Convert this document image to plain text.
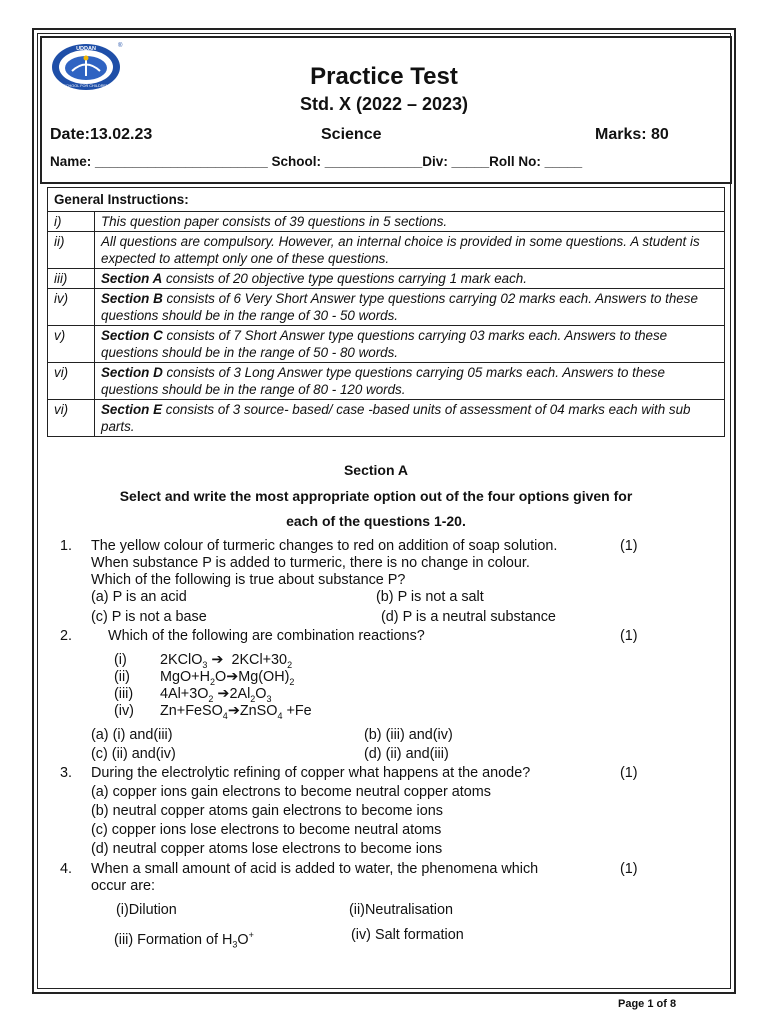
UDDAN
SCHOOL FOR CHILDREN
®
Practice Test
Std. X (2022 – 2023)
Date:13.02.23	Science	Marks: 80
Name: _______________________ School: _____________Div: _____Roll No: _____
General Instructions:	
i)	This question paper consists of 39 questions in 5 sections.
ii)	All questions are compulsory. However, an internal choice is provided in some questions. A student is expected to attempt only one of these questions.
iii)	Section A consists of 20 objective type questions carrying 1 mark each.
iv)	Section B consists of 6 Very Short Answer type questions carrying 02 marks each. Answers to these questions should be in the range of 30 - 50 words.
v)	Section C consists of 7 Short Answer type questions carrying 03 marks each. Answers to these questions should be in the range of 50 - 80 words.
vi)	Section D consists of 3 Long Answer type questions carrying 05 marks each. Answers to these questions should be in the range of 80 - 120 words.
vi)	Section E consists of 3 source- based/ case -based units of assessment of 04 marks each with sub parts.
Section A
Select and write the most appropriate option out of the four options given for
each of the questions 1-20.
1. The yellow colour of turmeric changes to red on addition of soap solution.
When substance P is added to turmeric, there is no change in colour.
Which of the following is true about substance P?
(1)
(a) P is an acid	(b) P is not a salt
(c) P is not a base	(d) P is a neutral substance
2. Which of the following are combination reactions?	(1)
(i) 2KClO$_3$ ➔  $2KCl+30_2$
(ii) $MgO+H_2O➔Mg(OH)_2$
(iii) $4Al+3O_2$ $➔2Al_2O_3$
(iv) Zn+FeSO$_4$➔ZnSO$_4$ +Fe
(a) (i) and(iii)	(b) (iii) and(iv)
(c) (ii) and(iv)	(d) (ii) and(iii)
3. During the electrolytic refining of copper what happens at the anode?	(1)
(a) copper ions gain electrons to become neutral copper atoms
(b) neutral copper atoms gain electrons to become ions
(c) copper ions lose electrons to become neutral atoms
(d) neutral copper atoms lose electrons to become ions
4. When a small amount of acid is added to water, the phenomena which
occur are:
(1)
(i)Dilution	(ii)Neutralisation
(iii) Formation of $H_3O^+$	(iv) Salt formation
Page 1 of 8
